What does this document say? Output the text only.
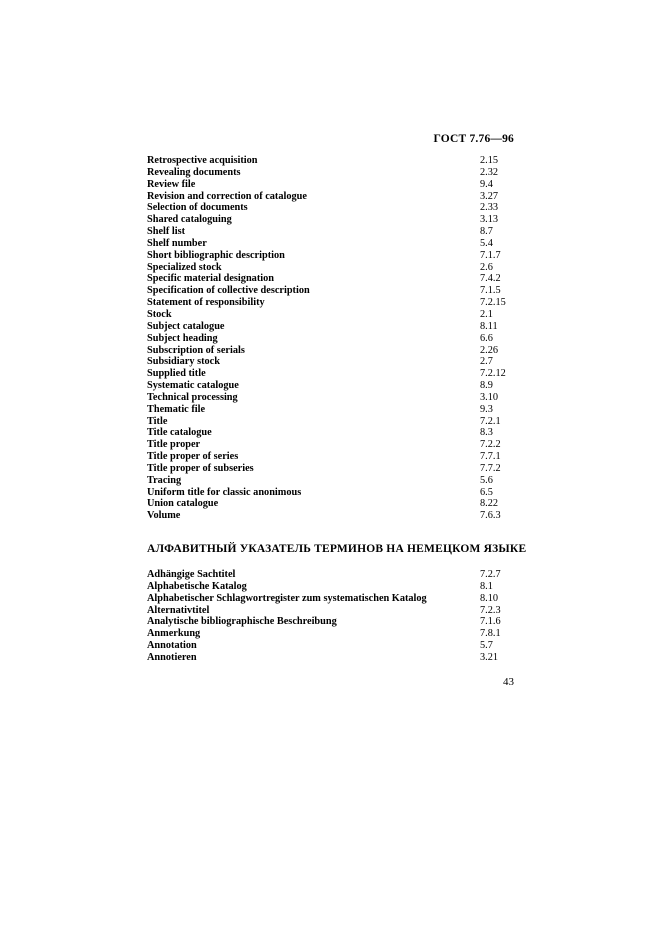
ГОСТ 7.76—96
Retrospective acquisition	2.15
Revealing documents	2.32
Review file	9.4
Revision and correction of catalogue	3.27
Selection of documents	2.33
Shared cataloguing	3.13
Shelf list	8.7
Shelf number	5.4
Short bibliographic description	7.1.7
Specialized stock	2.6
Specific material designation	7.4.2
Specification of collective description	7.1.5
Statement of responsibility	7.2.15
Stock	2.1
Subject catalogue	8.11
Subject heading	6.6
Subscription of serials	2.26
Subsidiary stock	2.7
Supplied title	7.2.12
Systematic catalogue	8.9
Technical processing	3.10
Thematic file	9.3
Title	7.2.1
Title catalogue	8.3
Title proper	7.2.2
Title proper of series	7.7.1
Title proper of subseries	7.7.2
Tracing	5.6
Uniform title for classic anonimous	6.5
Union catalogue	8.22
Volume	7.6.3
АЛФАВИТНЫЙ УКАЗАТЕЛЬ ТЕРМИНОВ НА НЕМЕЦКОМ ЯЗЫКЕ
Adhängige Sachtitel	7.2.7
Alphabetische Katalog	8.1
Alphabetischer Schlagwortregister zum systematischen Katalog	8.10
Alternativtitel	7.2.3
Analytische bibliographische Beschreibung	7.1.6
Anmerkung	7.8.1
Annotation	5.7
Annotieren	3.21
43
